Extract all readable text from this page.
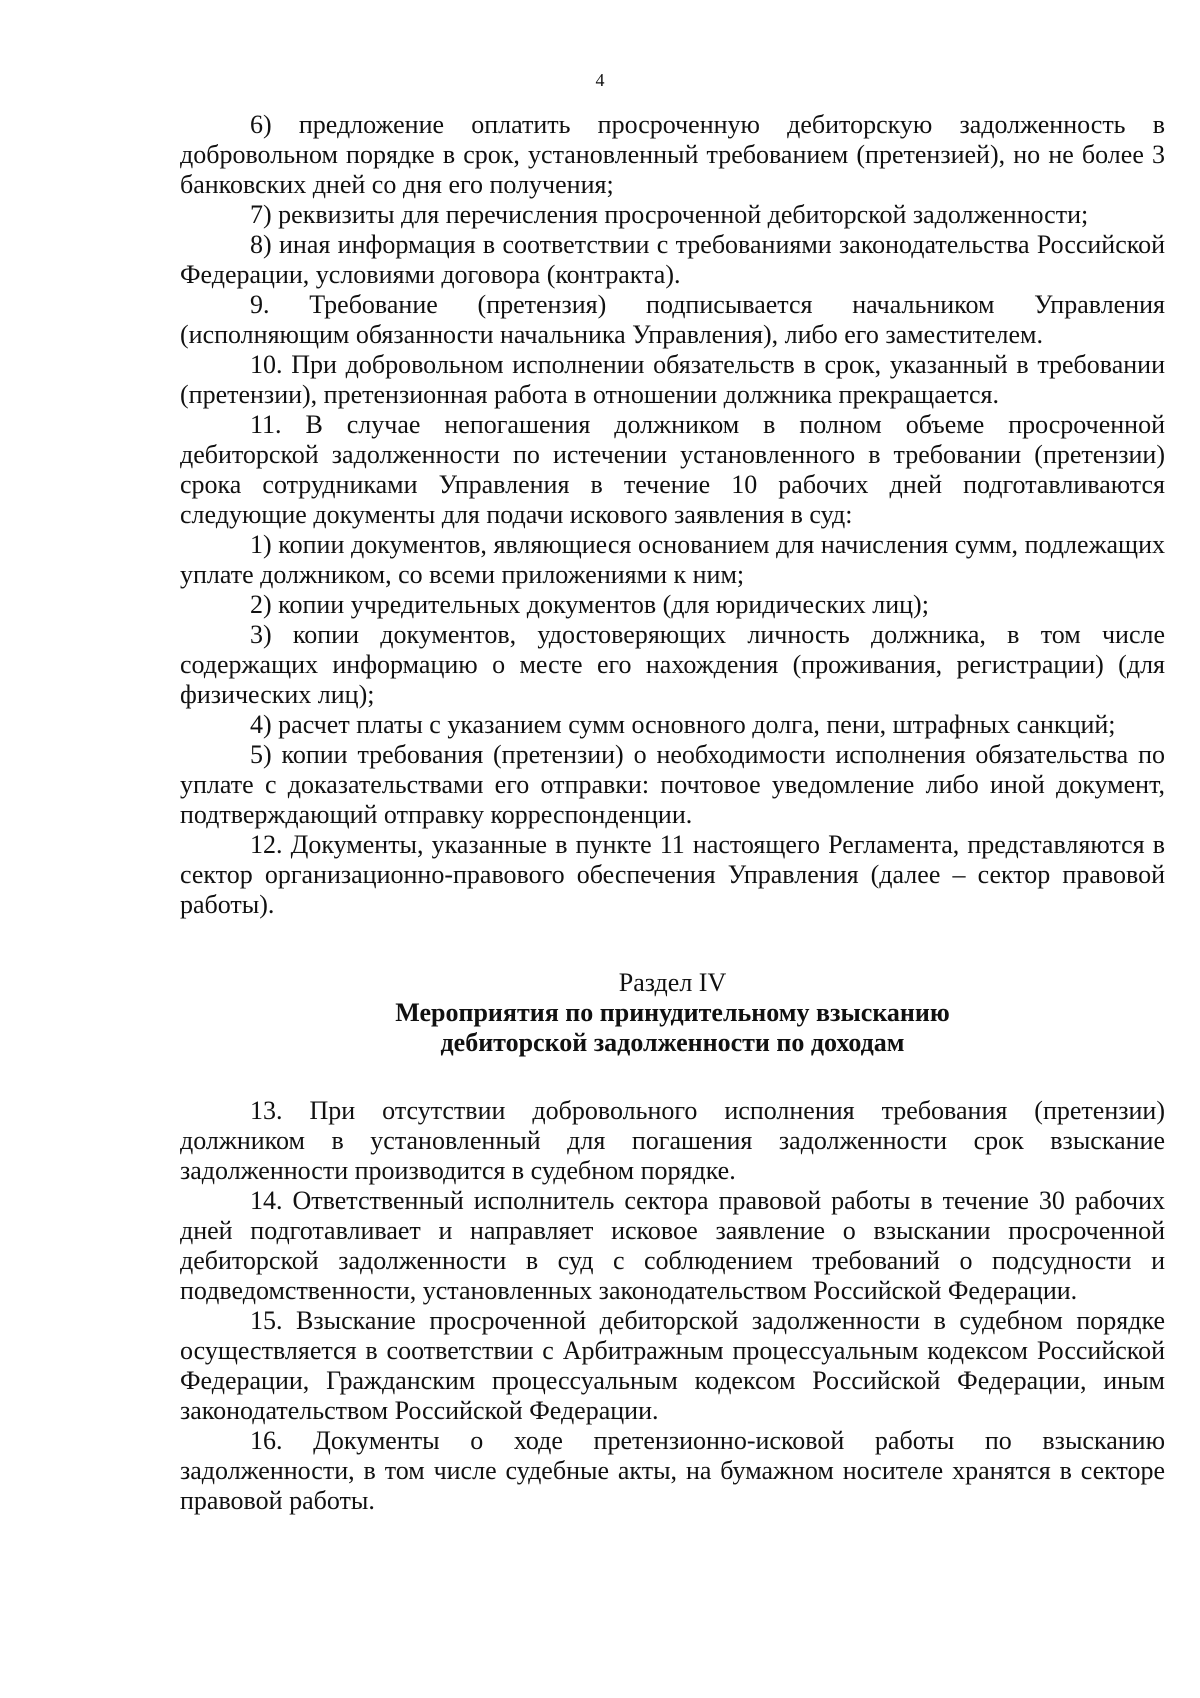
4

6) предложение оплатить просроченную дебиторскую задолженность в добровольном порядке в срок, установленный требованием (претензией), но не более 3 банковских дней со дня его получения;

7) реквизиты для перечисления просроченной дебиторской задолженности;

8) иная информация в соответствии с требованиями законодательства Российской Федерации, условиями договора (контракта).

9. Требование (претензия) подписывается начальником Управления (исполняющим обязанности начальника Управления), либо его заместителем.

10. При добровольном исполнении обязательств в срок, указанный в требовании (претензии), претензионная работа в отношении должника прекращается.

11. В случае непогашения должником в полном объеме просроченной дебиторской задолженности по истечении установленного в требовании (претензии) срока сотрудниками Управления в течение 10 рабочих дней подготавливаются следующие документы для подачи искового заявления в суд:

1) копии документов, являющиеся основанием для начисления сумм, подлежащих уплате должником, со всеми приложениями к ним;

2) копии учредительных документов (для юридических лиц);

3) копии документов, удостоверяющих личность должника, в том числе содержащих информацию о месте его нахождения (проживания, регистрации) (для физических лиц);

4) расчет платы с указанием сумм основного долга, пени, штрафных санкций;

5) копии требования (претензии) о необходимости исполнения обязательства по уплате с доказательствами его отправки: почтовое уведомление либо иной документ, подтверждающий отправку корреспонденции.

12. Документы, указанные в пункте 11 настоящего Регламента, представляются в сектор организационно-правового обеспечения Управления (далее – сектор правовой работы).

Раздел IV
Мероприятия по принудительному взысканию
дебиторской задолженности по доходам

13. При отсутствии добровольного исполнения требования (претензии) должником в установленный для погашения задолженности срок взыскание задолженности производится в судебном порядке.

14. Ответственный исполнитель сектора правовой работы в течение 30 рабочих дней подготавливает и направляет исковое заявление о взыскании просроченной дебиторской задолженности в суд с соблюдением требований о подсудности и подведомственности, установленных законодательством Российской Федерации.

15. Взыскание просроченной дебиторской задолженности в судебном порядке осуществляется в соответствии с Арбитражным процессуальным кодексом Российской Федерации, Гражданским процессуальным кодексом Российской Федерации, иным законодательством Российской Федерации.

16. Документы о ходе претензионно-исковой работы по взысканию задолженности, в том числе судебные акты, на бумажном носителе хранятся в секторе правовой работы.
